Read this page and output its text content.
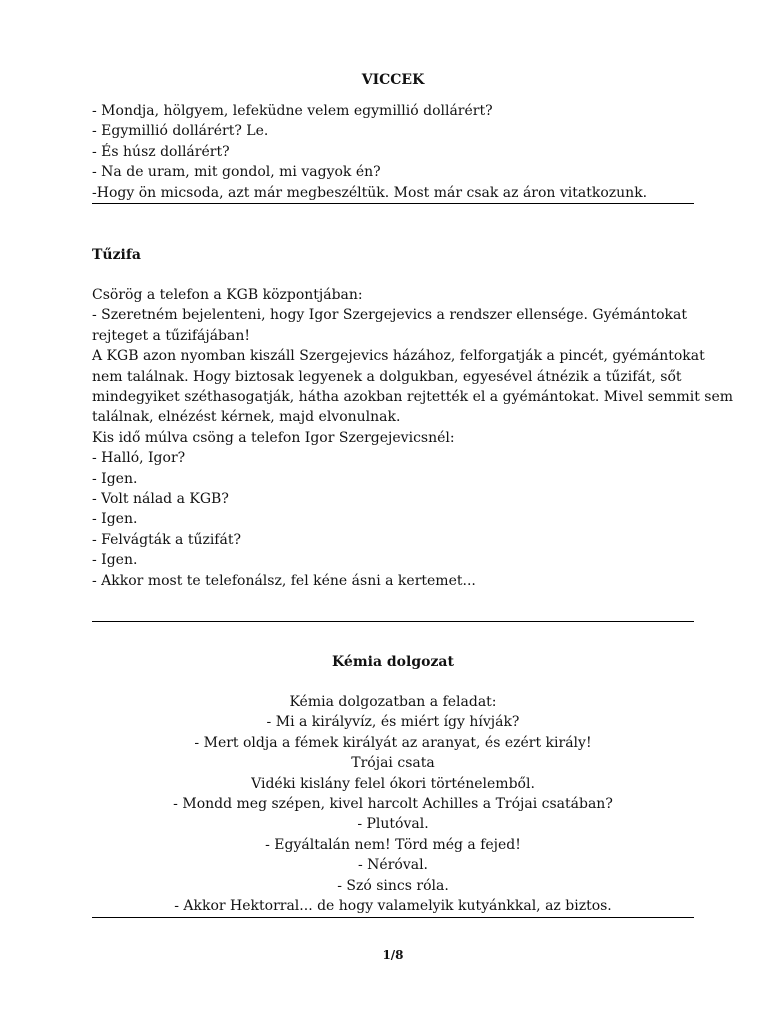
VICCEK
- Mondja, hölgyem, lefeküdne velem egymillió dollárért?
- Egymillió dollárért? Le.
- És húsz dollárért?
- Na de uram, mit gondol, mi vagyok én?
-Hogy ön micsoda, azt már megbeszéltük. Most már csak az áron vitatkozunk.
Tűzifa
Csörög a telefon a KGB központjában:
- Szeretném bejelenteni, hogy Igor Szergejevics a rendszer ellensége. Gyémántokat
rejteget a tűzifájában!
A KGB azon nyomban kiszáll Szergejevics házához, felforgatják a pincét, gyémántokat
nem találnak. Hogy biztosak legyenek a dolgukban, egyesével átnézik a tűzifát, sőt
mindegyiket széthasogatják, hátha azokban rejtették el a gyémántokat. Mivel semmit sem
találnak, elnézést kérnek, majd elvonulnak.
Kis idő múlva csöng a telefon Igor Szergejevicsnél:
- Halló, Igor?
- Igen.
- Volt nálad a KGB?
- Igen.
- Felvágták a tűzifát?
- Igen.
- Akkor most te telefonálsz, fel kéne ásni a kertemet...
Kémia dolgozat
Kémia dolgozatban a feladat:
- Mi a királyvíz, és miért így hívják?
- Mert oldja a fémek királyát az aranyat, és ezért király!
Trójai csata
Vidéki kislány felel ókori történelemből.
- Mondd meg szépen, kivel harcolt Achilles a Trójai csatában?
- Plutóval.
- Egyáltalán nem! Törd még a fejed!
- Néróval.
- Szó sincs róla.
- Akkor Hektorral... de hogy valamelyik kutyánkkal, az biztos.
1/8
